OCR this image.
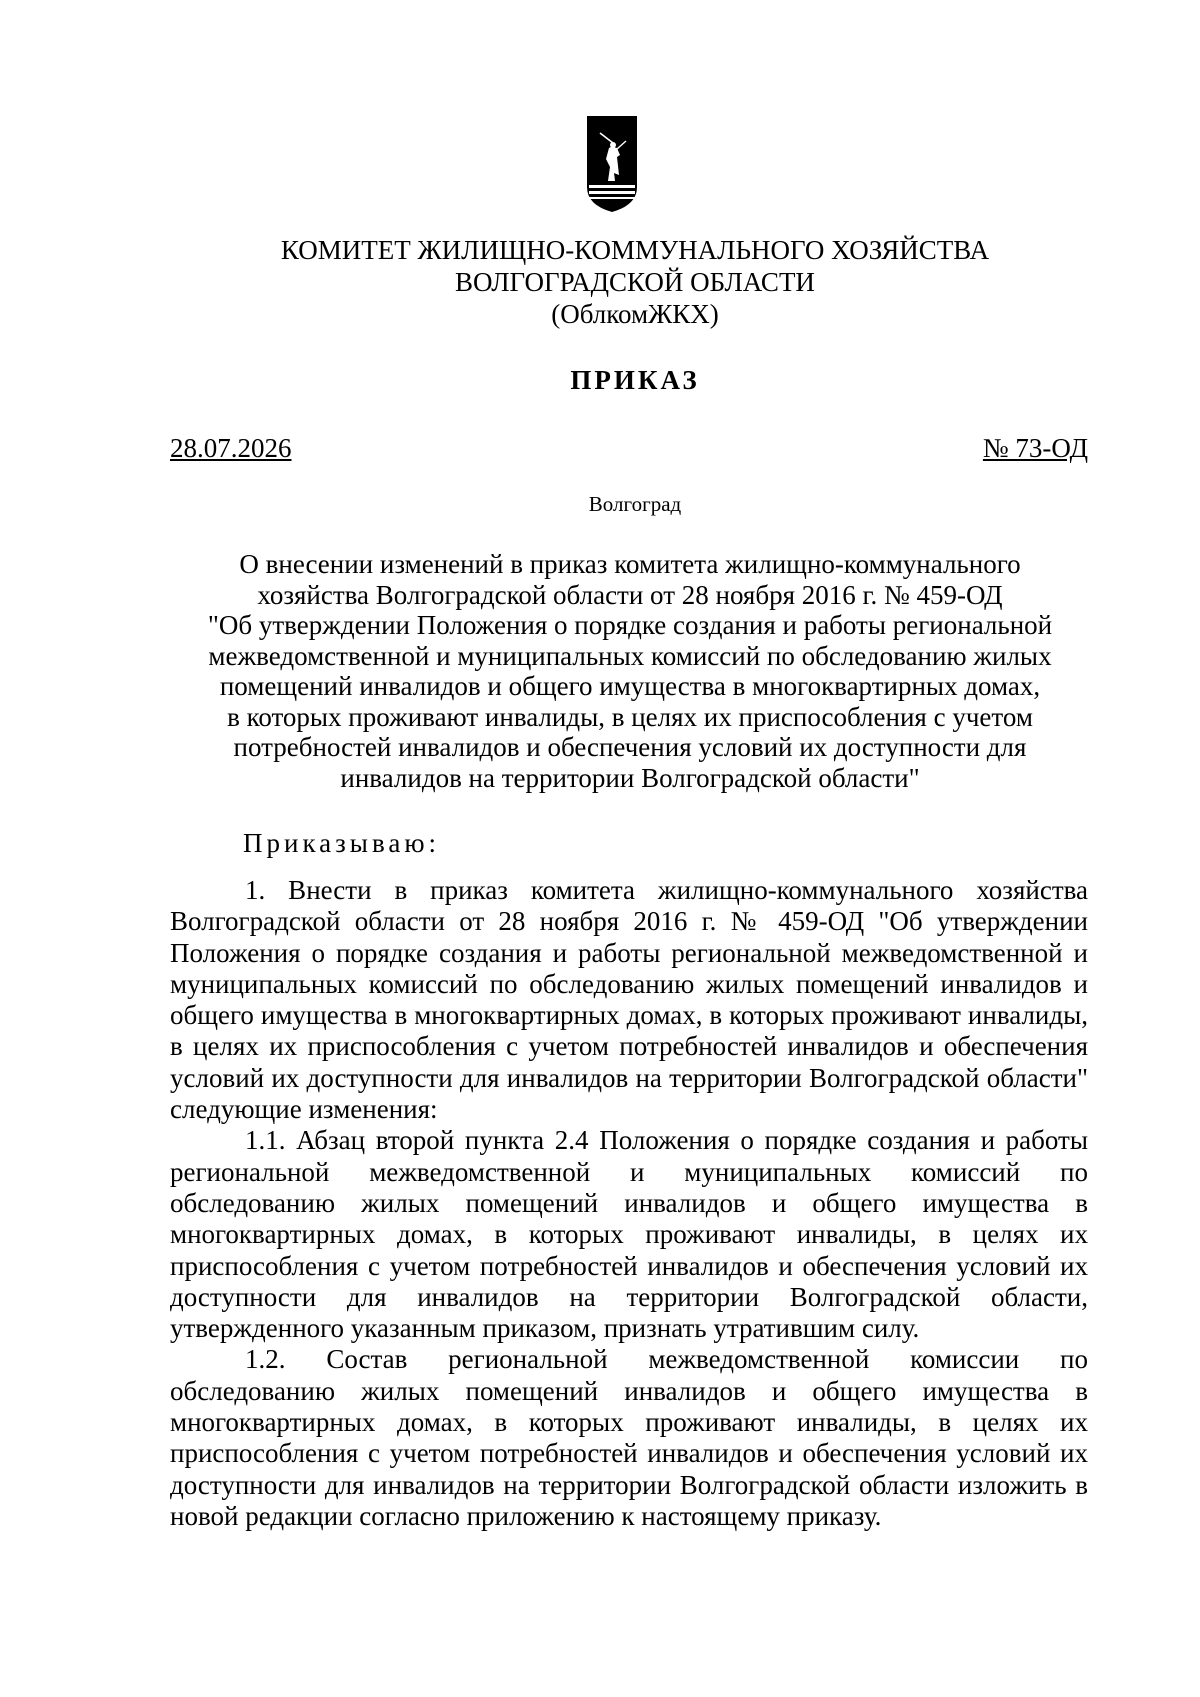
КОМИТЕТ ЖИЛИЩНО-КОММУНАЛЬНОГО ХОЗЯЙСТВА
ВОЛГОГРАДСКОЙ ОБЛАСТИ
(ОблкомЖКХ)
ПРИКАЗ
28.07.2026	№ 73-ОД
Волгоград
О внесении изменений в приказ комитета жилищно-коммунального
хозяйства Волгоградской области от 28 ноября 2016 г. № 459-ОД
"Об утверждении Положения о порядке создания и работы региональной
межведомственной и муниципальных комиссий по обследованию жилых
помещений инвалидов и общего имущества в многоквартирных домах,
в которых проживают инвалиды, в целях их приспособления с учетом
потребностей инвалидов и обеспечения условий их доступности для
инвалидов на территории Волгоградской области"
Приказываю:

1. Внести в приказ комитета жилищно-коммунального хозяйства Волгоградской области от 28 ноября 2016 г. № 459-ОД "Об утверждении Положения о порядке создания и работы региональной межведомственной и муниципальных комиссий по обследованию жилых помещений инвалидов и общего имущества в многоквартирных домах, в которых проживают инвалиды, в целях их приспособления с учетом потребностей инвалидов и обеспечения условий их доступности для инвалидов на территории Волгоградской области" следующие изменения:

1.1. Абзац второй пункта 2.4 Положения о порядке создания и работы региональной межведомственной и муниципальных комиссий по обследованию жилых помещений инвалидов и общего имущества в многоквартирных домах, в которых проживают инвалиды, в целях их приспособления с учетом потребностей инвалидов и обеспечения условий их доступности для инвалидов на территории Волгоградской области, утвержденного указанным приказом, признать утратившим силу.

1.2. Состав региональной межведомственной комиссии по обследованию жилых помещений инвалидов и общего имущества в многоквартирных домах, в которых проживают инвалиды, в целях их приспособления с учетом потребностей инвалидов и обеспечения условий их доступности для инвалидов на территории Волгоградской области изложить в новой редакции согласно приложению к настоящему приказу.
